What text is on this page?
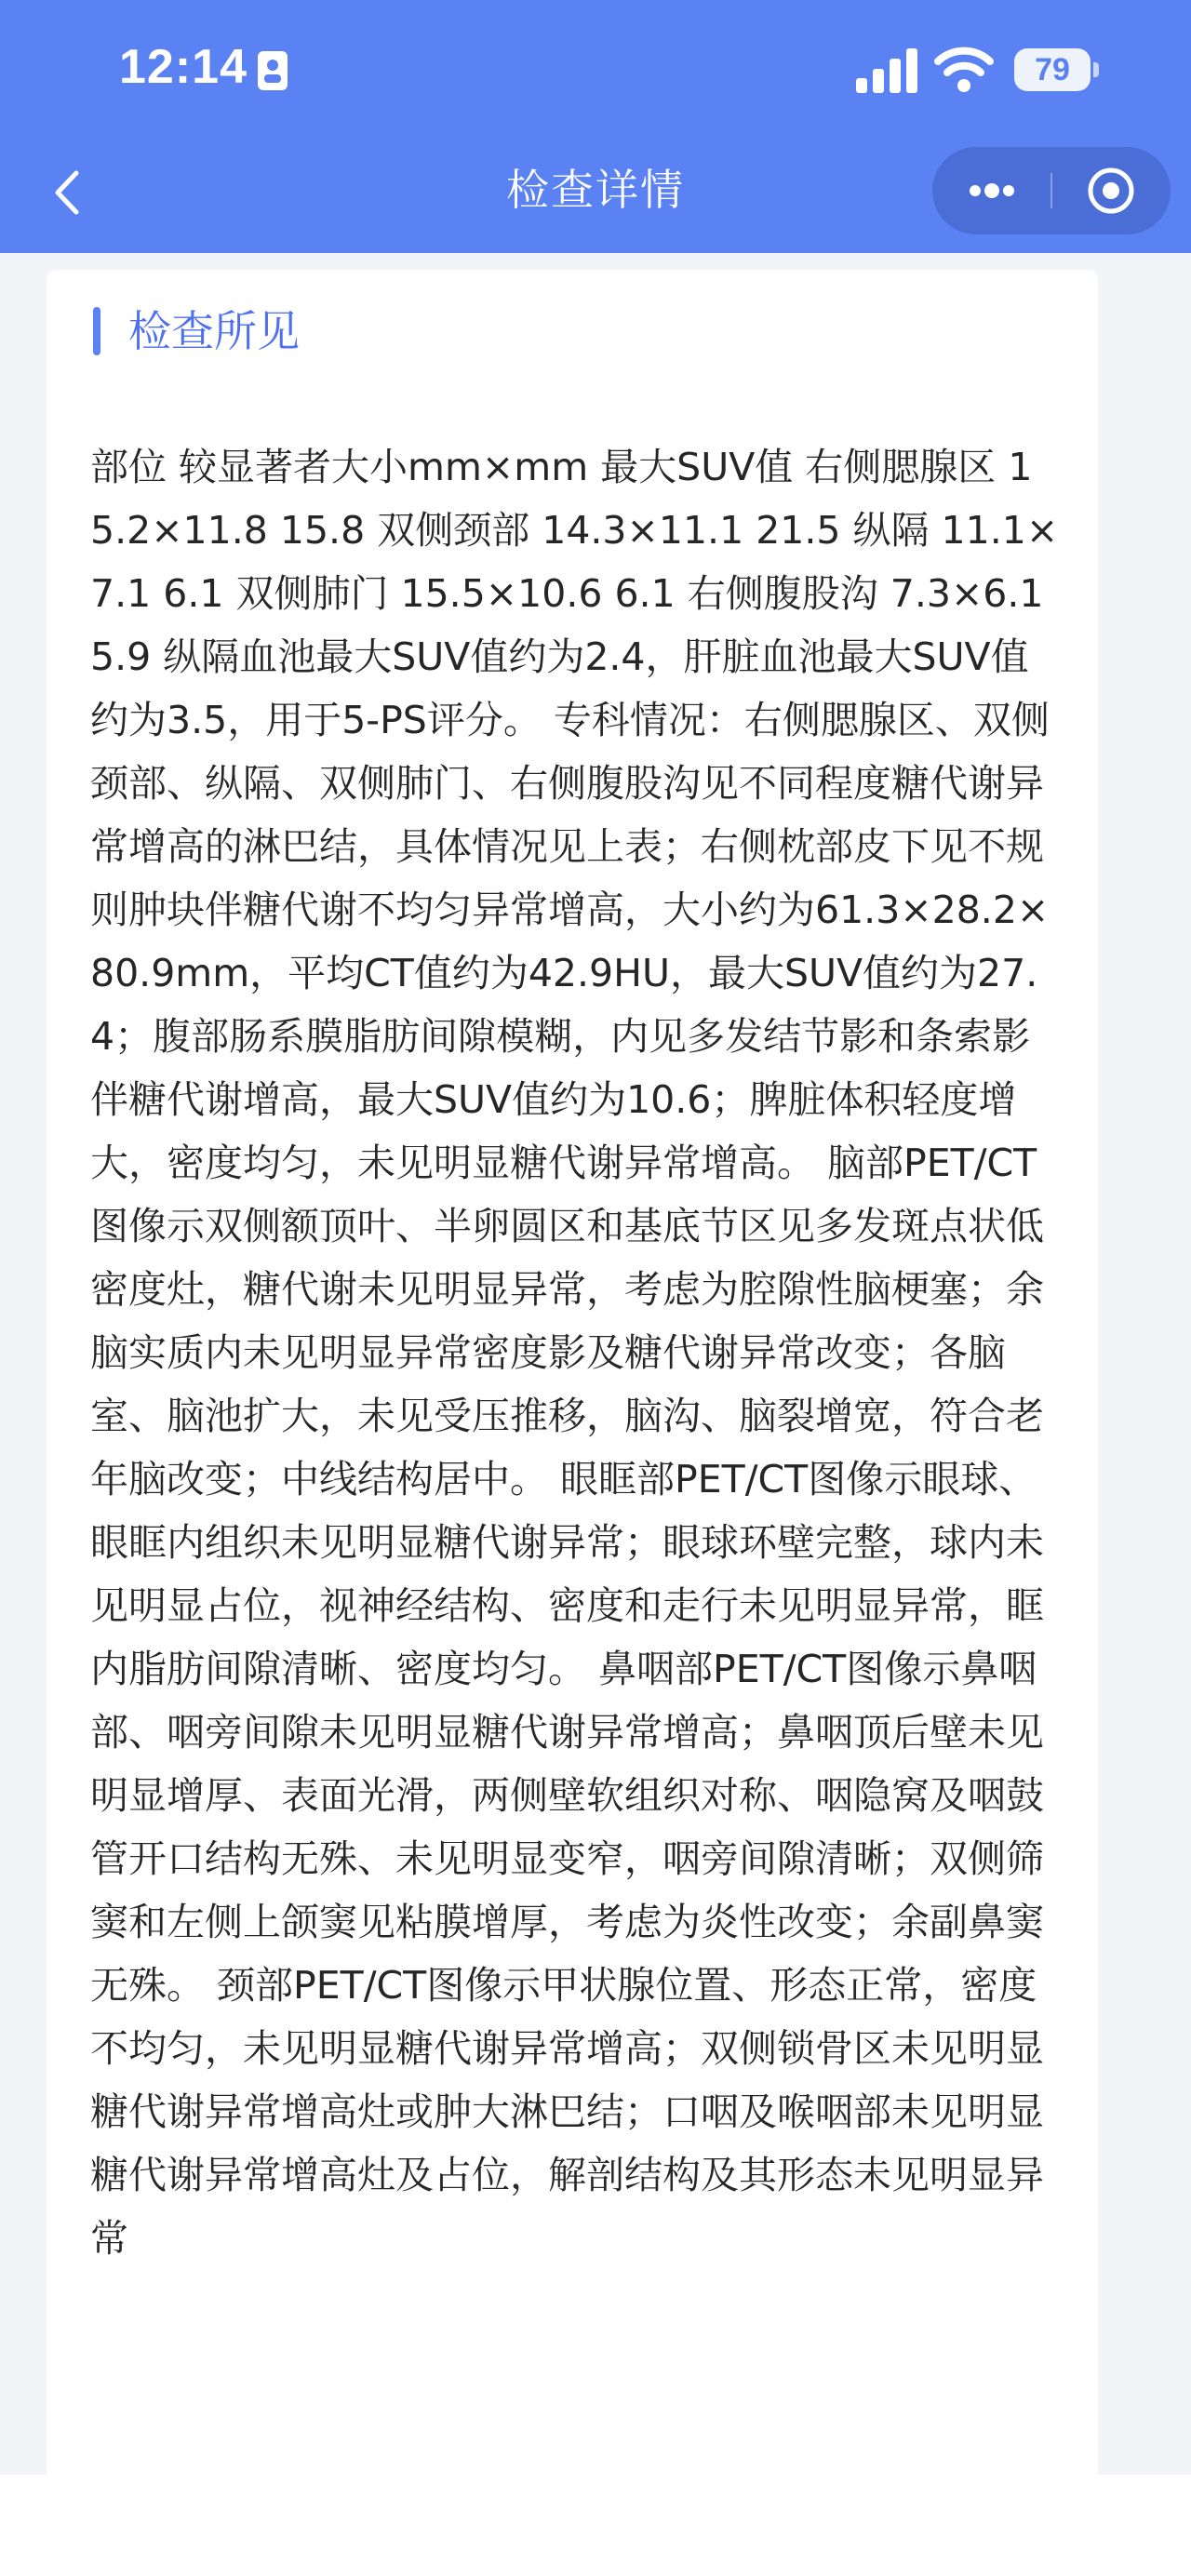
12:14	79
检查详情
检查所见
部位 较显著者大小mm×mm 最大SUV值 右侧腮腺区 15.2×11.8 15.8 双侧颈部 14.3×11.1 21.5 纵隔 11.1×7.1 6.1 双侧肺门 15.5×10.6 6.1 右侧腹股沟 7.3×6.1 5.9 纵隔血池最大SUV值约为2.4，肝脏血池最大SUV值约为3.5，用于5-PS评分。 专科情况：右侧腮腺区、双侧颈部、纵隔、双侧肺门、右侧腹股沟见不同程度糖代谢异常增高的淋巴结，具体情况见上表；右侧枕部皮下见不规则肿块伴糖代谢不均匀异常增高，大小约为61.3×28.2×80.9mm，平均CT值约为42.9HU，最大SUV值约为27.4；腹部肠系膜脂肪间隙模糊，内见多发结节影和条索影伴糖代谢增高，最大SUV值约为10.6；脾脏体积轻度增大，密度均匀，未见明显糖代谢异常增高。 脑部PET/CT图像示双侧额顶叶、半卵圆区和基底节区见多发斑点状低密度灶，糖代谢未见明显异常，考虑为腔隙性脑梗塞；余脑实质内未见明显异常密度影及糖代谢异常改变；各脑室、脑池扩大，未见受压推移，脑沟、脑裂增宽，符合老年脑改变；中线结构居中。 眼眶部PET/CT图像示眼球、眼眶内组织未见明显糖代谢异常；眼球环壁完整，球内未见明显占位，视神经结构、密度和走行未见明显异常，眶内脂肪间隙清晰、密度均匀。 鼻咽部PET/CT图像示鼻咽部、咽旁间隙未见明显糖代谢异常增高；鼻咽顶后壁未见明显增厚、表面光滑，两侧壁软组织对称、咽隐窝及咽鼓管开口结构无殊、未见明显变窄，咽旁间隙清晰；双侧筛窦和左侧上颌窦见粘膜增厚，考虑为炎性改变；余副鼻窦无殊。 颈部PET/CT图像示甲状腺位置、形态正常，密度不均匀，未见明显糖代谢异常增高；双侧锁骨区未见明显糖代谢异常增高灶或肿大淋巴结；口咽及喉咽部未见明显糖代谢异常增高灶及占位，解剖结构及其形态未见明显异常
